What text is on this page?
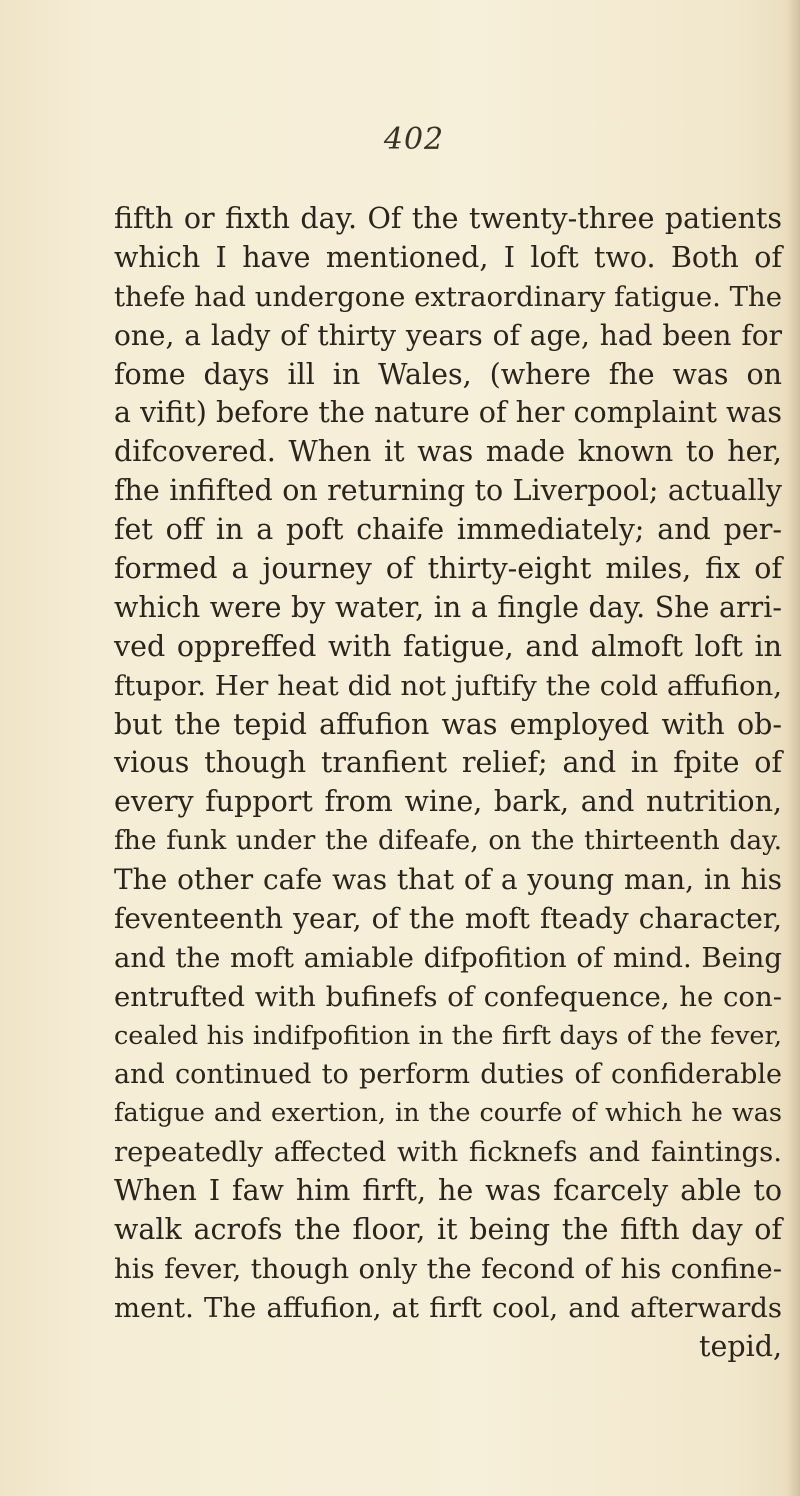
402
fifth or fixth day. Of the twenty-three patients
which I have mentioned, I loft two. Both of
thefe had undergone extraordinary fatigue. The
one, a lady of thirty years of age, had been for
fome days ill in Wales, (where fhe was on
a vifit) before the nature of her complaint was
difcovered. When it was made known to her,
fhe infifted on returning to Liverpool; actually
fet off in a poft chaife immediately; and per-
formed a journey of thirty-eight miles, fix of
which were by water, in a fingle day. She arri-
ved oppreffed with fatigue, and almoft loft in
ftupor. Her heat did not juftify the cold affufion,
but the tepid affufion was employed with ob-
vious though tranfient relief; and in fpite of
every fupport from wine, bark, and nutrition,
fhe funk under the difeafe, on the thirteenth day.
The other cafe was that of a young man, in his
feventeenth year, of the moft fteady character,
and the moft amiable difpofition of mind. Being
entrufted with bufinefs of confequence, he con-
cealed his indifpofition in the firft days of the fever,
and continued to perform duties of confiderable
fatigue and exertion, in the courfe of which he was
repeatedly affected with ficknefs and faintings.
When I faw him firft, he was fcarcely able to
walk acrofs the floor, it being the fifth day of
his fever, though only the fecond of his confine-
ment. The affufion, at firft cool, and afterwards
tepid,
